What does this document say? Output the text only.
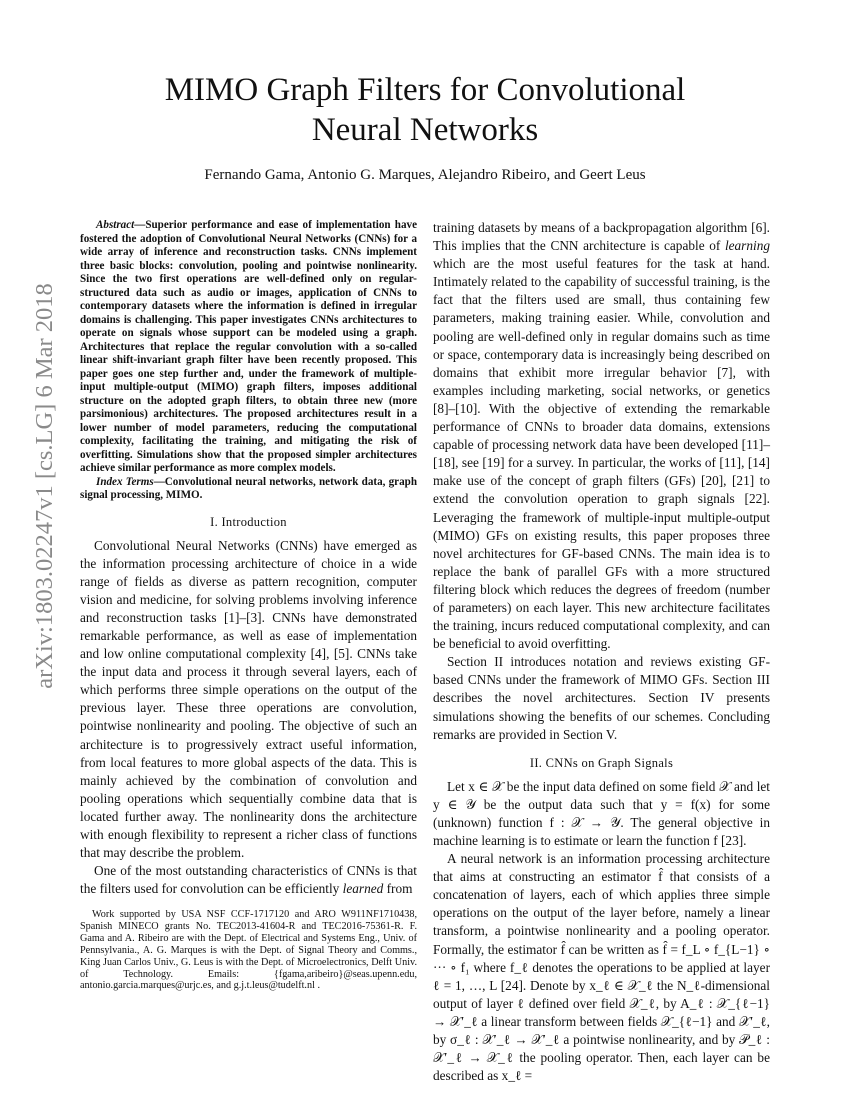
arXiv:1803.02247v1 [cs.LG] 6 Mar 2018
MIMO Graph Filters for Convolutional
Neural Networks
Fernando Gama, Antonio G. Marques, Alejandro Ribeiro, and Geert Leus

Abstract—Superior performance and ease of implementation have fostered the adoption of Convolutional Neural Networks (CNNs) for a wide array of inference and reconstruction tasks. CNNs implement three basic blocks: convolution, pooling and pointwise nonlinearity. Since the two first operations are well-defined only on regular-structured data such as audio or images, application of CNNs to contemporary datasets where the information is defined in irregular domains is challenging. This paper investigates CNNs architectures to operate on signals whose support can be modeled using a graph. Architectures that replace the regular convolution with a so-called linear shift-invariant graph filter have been recently proposed. This paper goes one step further and, under the framework of multiple-input multiple-output (MIMO) graph filters, imposes additional structure on the adopted graph filters, to obtain three new (more parsimonious) architectures. The proposed architectures result in a lower number of model parameters, reducing the computational complexity, facilitating the training, and mitigating the risk of overfitting. Simulations show that the proposed simpler architectures achieve similar performance as more complex models.

Index Terms—Convolutional neural networks, network data, graph signal processing, MIMO.

I. Introduction

Convolutional Neural Networks (CNNs) have emerged as the information processing architecture of choice in a wide range of fields as diverse as pattern recognition, computer vision and medicine, for solving problems involving inference and reconstruction tasks [1]–[3]. CNNs have demonstrated remarkable performance, as well as ease of implementation and low online computational complexity [4], [5]. CNNs take the input data and process it through several layers, each of which performs three simple operations on the output of the previous layer. These three operations are convolution, pointwise nonlinearity and pooling. The objective of such an architecture is to progressively extract useful information, from local features to more global aspects of the data. This is mainly achieved by the combination of convolution and pooling operations which sequentially combine data that is located further away. The nonlinearity dons the architecture with enough flexibility to represent a richer class of functions that may describe the problem.

One of the most outstanding characteristics of CNNs is that the filters used for convolution can be efficiently learned from

Work supported by USA NSF CCF-1717120 and ARO W911NF1710438, Spanish MINECO grants No. TEC2013-41604-R and TEC2016-75361-R. F. Gama and A. Ribeiro are with the Dept. of Electrical and Systems Eng., Univ. of Pennsylvania., A. G. Marques is with the Dept. of Signal Theory and Comms., King Juan Carlos Univ., G. Leus is with the Dept. of Microelectronics, Delft Univ. of Technology. Emails: {fgama,aribeiro}@seas.upenn.edu, antonio.garcia.marques@urjc.es, and g.j.t.leus@tudelft.nl .

training datasets by means of a backpropagation algorithm [6]. This implies that the CNN architecture is capable of learning which are the most useful features for the task at hand. Intimately related to the capability of successful training, is the fact that the filters used are small, thus containing few parameters, making training easier. While, convolution and pooling are well-defined only in regular domains such as time or space, contemporary data is increasingly being described on domains that exhibit more irregular behavior [7], with examples including marketing, social networks, or genetics [8]–[10]. With the objective of extending the remarkable performance of CNNs to broader data domains, extensions capable of processing network data have been developed [11]–[18], see [19] for a survey. In particular, the works of [11], [14] make use of the concept of graph filters (GFs) [20], [21] to extend the convolution operation to graph signals [22]. Leveraging the framework of multiple-input multiple-output (MIMO) GFs on existing results, this paper proposes three novel architectures for GF-based CNNs. The main idea is to replace the bank of parallel GFs with a more structured filtering block which reduces the degrees of freedom (number of parameters) on each layer. This new architecture facilitates the training, incurs reduced computational complexity, and can be beneficial to avoid overfitting.

Section II introduces notation and reviews existing GF-based CNNs under the framework of MIMO GFs. Section III describes the novel architectures. Section IV presents simulations showing the benefits of our schemes. Concluding remarks are provided in Section V.

II. CNNs on Graph Signals

Let x ∈ 𝒳 be the input data defined on some field 𝒳 and let y ∈ 𝒴 be the output data such that y = f(x) for some (unknown) function f : 𝒳 → 𝒴. The general objective in machine learning is to estimate or learn the function f [23].

A neural network is an information processing architecture that aims at constructing an estimator f̂ that consists of a concatenation of layers, each of which applies three simple operations on the output of the layer before, namely a linear transform, a pointwise nonlinearity and a pooling operator. Formally, the estimator f̂ can be written as f̂ = f_L ∘ f_{L−1} ∘ ··· ∘ f₁ where f_ℓ denotes the operations to be applied at layer ℓ = 1, …, L [24]. Denote by x_ℓ ∈ 𝒳_ℓ the N_ℓ-dimensional output of layer ℓ defined over field 𝒳_ℓ, by A_ℓ : 𝒳_{ℓ−1} → 𝒳′_ℓ a linear transform between fields 𝒳_{ℓ−1} and 𝒳′_ℓ, by σ_ℓ : 𝒳′_ℓ → 𝒳′_ℓ a pointwise nonlinearity, and by 𝒫_ℓ : 𝒳′_ℓ → 𝒳_ℓ the pooling operator. Then, each layer can be described as x_ℓ =
